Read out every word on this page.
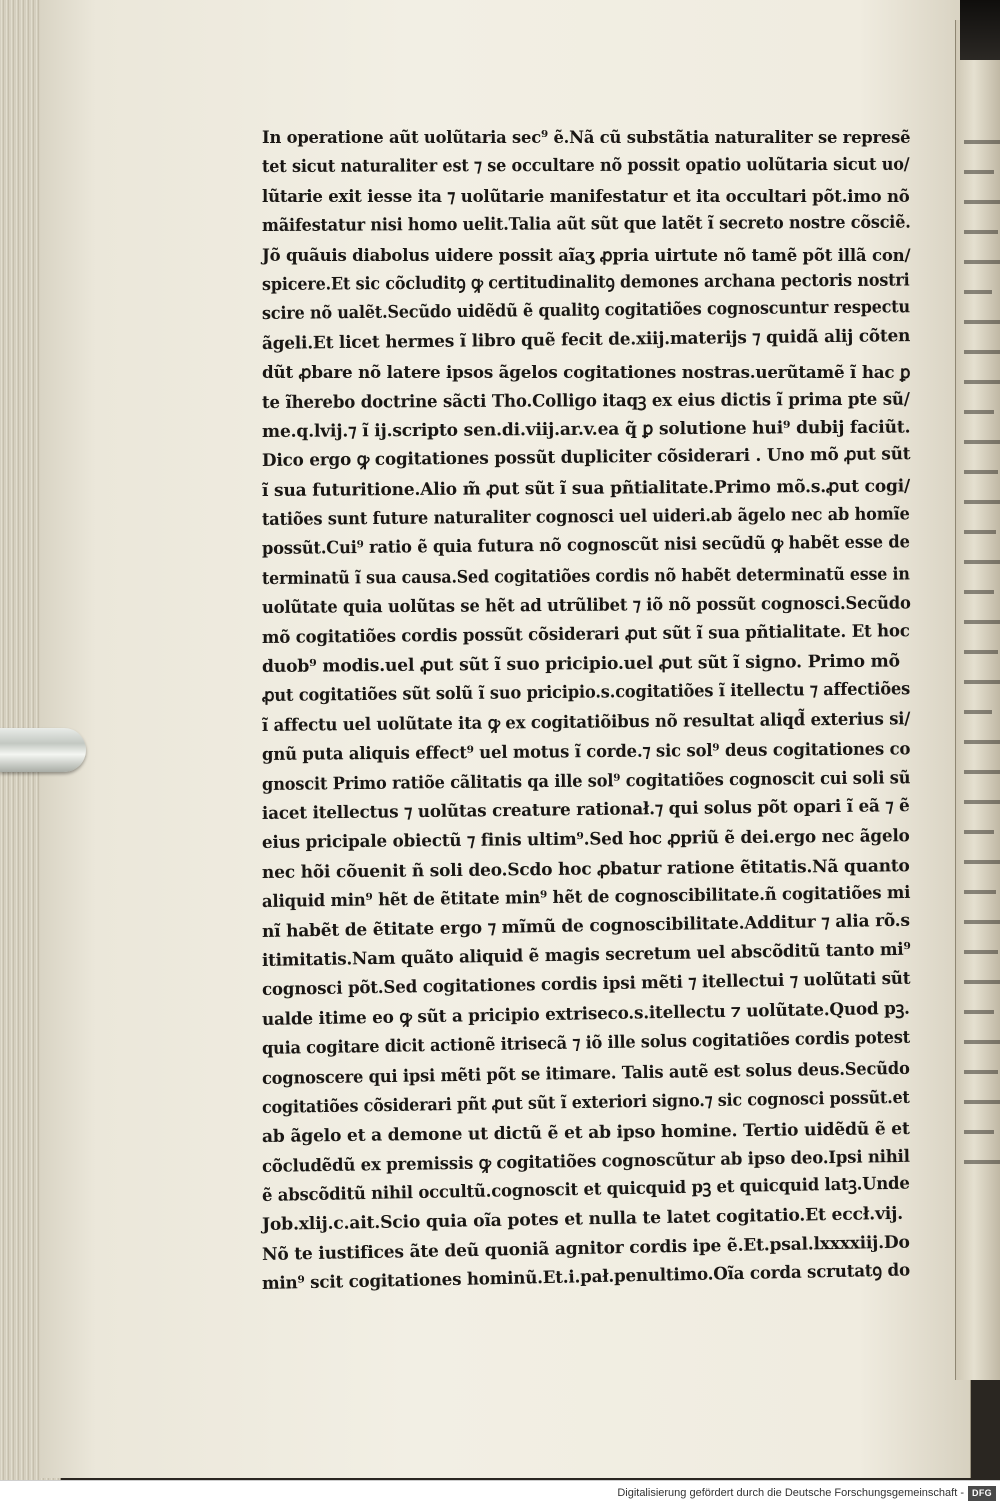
In operatione aũt uolũtaria sec⁹ ẽ.Nã cũ substãtia naturaliter se represẽ
tet sicut naturaliter est ⁊ se occultare nõ possit opatio uolũtaria sicut uo/
lũtarie exit iesse ita ⁊ uolũtarie manifestatur et ita occultari põt.imo nõ
mãifestatur nisi homo uelit.Talia aũt sũt que latẽt ĩ secreto nostre cõsciẽ.
Jõ quãuis diabolus uidere possit aĩaʒ ꝓpria uirtute nõ tamẽ põt illã con/
spicere.Et sic cõcluditꝯ ꝙ certitudinalitꝯ demones archana pectoris nostri
scire nõ ualẽt.Secũdo uidẽdũ ẽ qualitꝯ cogitatiões cognoscuntur respectu
ãgeli.Et licet hermes ĩ libro quẽ fecit de.xiij.materijs ⁊ quidã alij cõten
dũt ꝓbare nõ latere ipsos ãgelos cogitationes nostras.uerũtamẽ ĩ hac ꝑ
te ĩherebo doctrine sãcti Tho.Colligo itaqꝫ ex eius dictis ĩ prima pte sũ/
me.q.lvij.⁊ ĩ ij.scripto sen.di.viij.ar.v.ea q̃ ꝑ solutione hui⁹ dubij faciũt.
Dico ergo ꝙ cogitationes possũt dupliciter cõsiderari . Uno mõ ꝓut sũt
ĩ sua futuritione.Alio m̃ ꝓut sũt ĩ sua pñtialitate.Primo mõ.s.ꝓut cogi/
tatiões sunt future naturaliter cognosci uel uideri.ab ãgelo nec ab homĩe
possũt.Cui⁹ ratio ẽ quia futura nõ cognoscũt nisi secũdũ ꝙ habẽt esse de
terminatũ ĩ sua causa.Sed cogitatiões cordis nõ habẽt determinatũ esse in
uolũtate quia uolũtas se hẽt ad utrũlibet ⁊ iõ nõ possũt cognosci.Secũdo
mõ cogitatiões cordis possũt cõsiderari ꝓut sũt ĩ sua pñtialitate. Et hoc
duob⁹ modis.uel ꝓut sũt ĩ suo pricipio.uel ꝓut sũt ĩ signo. Primo mõ
ꝓut cogitatiões sũt solũ ĩ suo pricipio.s.cogitatiões ĩ itellectu ⁊ affectiões
ĩ affectu uel uolũtate ita ꝙ ex cogitatiõibus nõ resultat aliqd̃ exterius si/
gnũ puta aliquis effect⁹ uel motus ĩ corde.⁊ sic sol⁹ deus cogitationes co
gnoscit Primo ratiõe cãlitatis qa ille sol⁹ cogitatiões cognoscit cui soli sũ
iacet itellectus ⁊ uolũtas creature rationał.⁊ qui solus põt opari ĩ eã ⁊ ẽ
eius pricipale obiectũ ⁊ finis ultim⁹.Sed hoc ꝓpriũ ẽ dei.ergo nec ãgelo
nec hõi cõuenit ñ soli deo.Scdo hoc ꝓbatur ratione ẽtitatis.Nã quanto
aliquid min⁹ hẽt de ẽtitate min⁹ hẽt de cognoscibilitate.ñ cogitatiões mi
nĩ habẽt de ẽtitate ergo ⁊ mĩmũ de cognoscibilitate.Additur ⁊ alia rõ.s
itimitatis.Nam quãto aliquid ẽ magis secretum uel abscõditũ tanto mi⁹
cognosci põt.Sed cogitationes cordis ipsi mẽti ⁊ itellectui ⁊ uolũtati sũt
ualde itime eo ꝙ sũt a pricipio extriseco.s.itellectu ⁊ uolũtate.Quod pꝫ.
quia cogitare dicit actionẽ itrisecã ⁊ iõ ille solus cogitatiões cordis potest
cognoscere qui ipsi mẽti põt se itimare. Talis autẽ est solus deus.Secũdo
cogitatiões cõsiderari pñt ꝓut sũt ĩ exteriori signo.⁊ sic cognosci possũt.et
ab ãgelo et a demone ut dictũ ẽ et ab ipso homine. Tertio uidẽdũ ẽ et
cõcludẽdũ ex premissis ꝙ cogitatiões cognoscũtur ab ipso deo.Ipsi nihil
ẽ abscõditũ nihil occultũ.cognoscit et quicquid pꝫ et quicquid latꝫ.Unde
Job.xlij.c.ait.Scio quia oĩa potes et nulla te latet cogitatio.Et eccł.vij.
Nõ te iustifices ãte deũ quoniã agnitor cordis ipe ẽ.Et.psal.lxxxxiij.Do
min⁹ scit cogitationes hominũ.Et.i.pał.penultimo.Oĩa corda scrutatꝯ do
Digitalisierung gefördert durch die Deutsche Forschungsgemeinschaft - DFG
